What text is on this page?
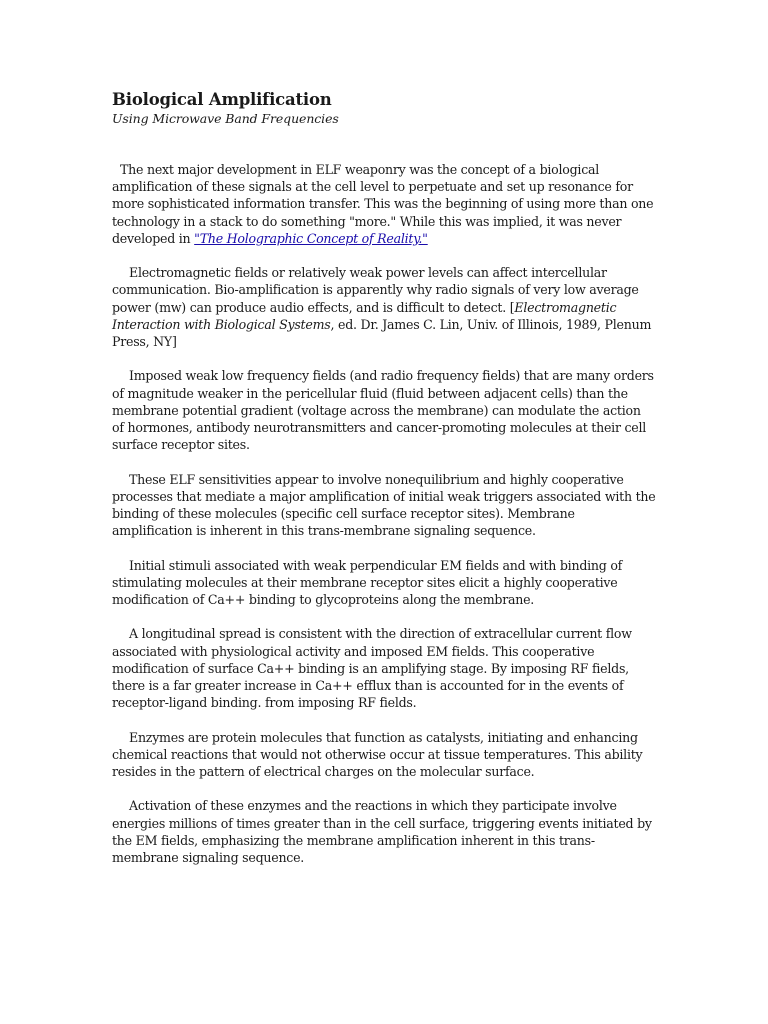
Biological Amplification

Using Microwave Band Frequencies

The next major development in ELF weaponry was the concept of a biological amplification of these signals at the cell level to perpetuate and set up resonance for more sophisticated information transfer. This was the beginning of using more than one technology in a stack to do something "more." While this was implied, it was never developed in "The Holographic Concept of Reality."

Electromagnetic fields or relatively weak power levels can affect intercellular communication. Bio-amplification is apparently why radio signals of very low average power (mw) can produce audio effects, and is difficult to detect. [Electromagnetic Interaction with Biological Systems, ed. Dr. James C. Lin, Univ. of Illinois, 1989, Plenum Press, NY]

Imposed weak low frequency fields (and radio frequency fields) that are many orders of magnitude weaker in the pericellular fluid (fluid between adjacent cells) than the membrane potential gradient (voltage across the membrane) can modulate the action of hormones, antibody neurotransmitters and cancer-promoting molecules at their cell surface receptor sites.

These ELF sensitivities appear to involve nonequilibrium and highly cooperative processes that mediate a major amplification of initial weak triggers associated with the binding of these molecules (specific cell surface receptor sites). Membrane amplification is inherent in this trans-membrane signaling sequence.

Initial stimuli associated with weak perpendicular EM fields and with binding of stimulating molecules at their membrane receptor sites elicit a highly cooperative modification of Ca++ binding to glycoproteins along the membrane.

A longitudinal spread is consistent with the direction of extracellular current flow associated with physiological activity and imposed EM fields. This cooperative modification of surface Ca++ binding is an amplifying stage. By imposing RF fields, there is a far greater increase in Ca++ efflux than is accounted for in the events of receptor-ligand binding. from imposing RF fields.

Enzymes are protein molecules that function as catalysts, initiating and enhancing chemical reactions that would not otherwise occur at tissue temperatures. This ability resides in the pattern of electrical charges on the molecular surface.

Activation of these enzymes and the reactions in which they participate involve energies millions of times greater than in the cell surface, triggering events initiated by the EM fields, emphasizing the membrane amplification inherent in this trans-membrane signaling sequence.
